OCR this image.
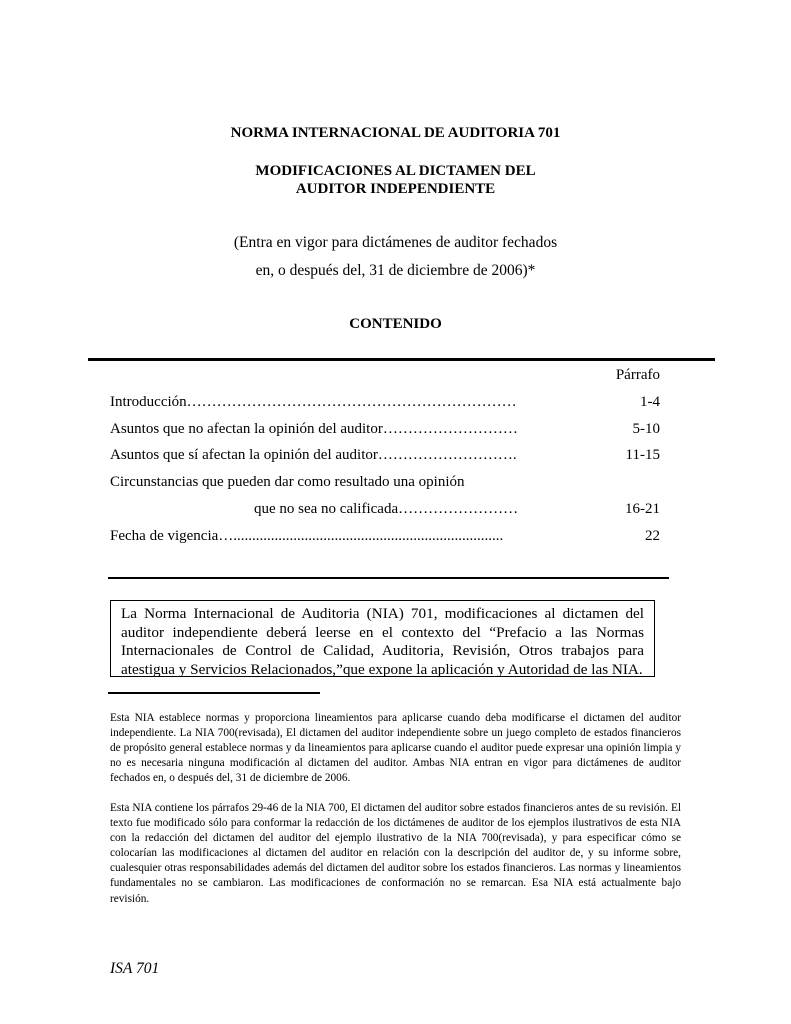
NORMA INTERNACIONAL DE AUDITORIA 701
MODIFICACIONES AL DICTAMEN DEL
AUDITOR INDEPENDIENTE
(Entra en vigor para dictámenes de auditor fechados
en, o después del, 31 de diciembre de 2006)*
CONTENIDO
Párrafo
Introducción…………………………………………………………	1-4
Asuntos que no afectan la opinión del auditor………………………	5-10
Asuntos que sí afectan la opinión del auditor……………………….	11-15
Circunstancias que pueden dar como resultado una opinión
que no sea no calificada……………………	16-21
Fecha de vigencia…........................................................................	22
La Norma Internacional de Auditoria (NIA) 701, modificaciones al dictamen del auditor independiente deberá leerse en el contexto del “Prefacio a las Normas Internacionales de Control de Calidad, Auditoria, Revisión, Otros trabajos para atestigua y Servicios Relacionados,”que expone la aplicación y Autoridad de las NIA.
Esta NIA establece normas y proporciona lineamientos para aplicarse cuando deba modificarse el dictamen del auditor independiente. La NIA 700(revisada), El dictamen del auditor independiente sobre un juego completo de estados financieros de propósito general establece normas y da lineamientos para aplicarse cuando el auditor puede expresar una opinión limpia y no es necesaria ninguna modificación al dictamen del auditor. Ambas NIA entran en vigor para dictámenes de auditor fechados en, o después del, 31 de diciembre de 2006.
Esta NIA contiene los párrafos 29-46 de la NIA 700, El dictamen del auditor sobre estados financieros antes de su revisión. El texto fue modificado sólo para conformar la redacción de los dictámenes de auditor de los ejemplos ilustrativos de esta NIA con la redacción del dictamen del auditor del ejemplo ilustrativo de la NIA 700(revisada), y para especificar cómo se colocarían las modificaciones al dictamen del auditor en relación con la descripción del auditor de, y su informe sobre, cualesquier otras responsabilidades además del dictamen del auditor sobre los estados financieros. Las normas y lineamientos fundamentales no se cambiaron. Las modificaciones de conformación no se remarcan. Esa NIA está actualmente bajo revisión.
ISA 701
